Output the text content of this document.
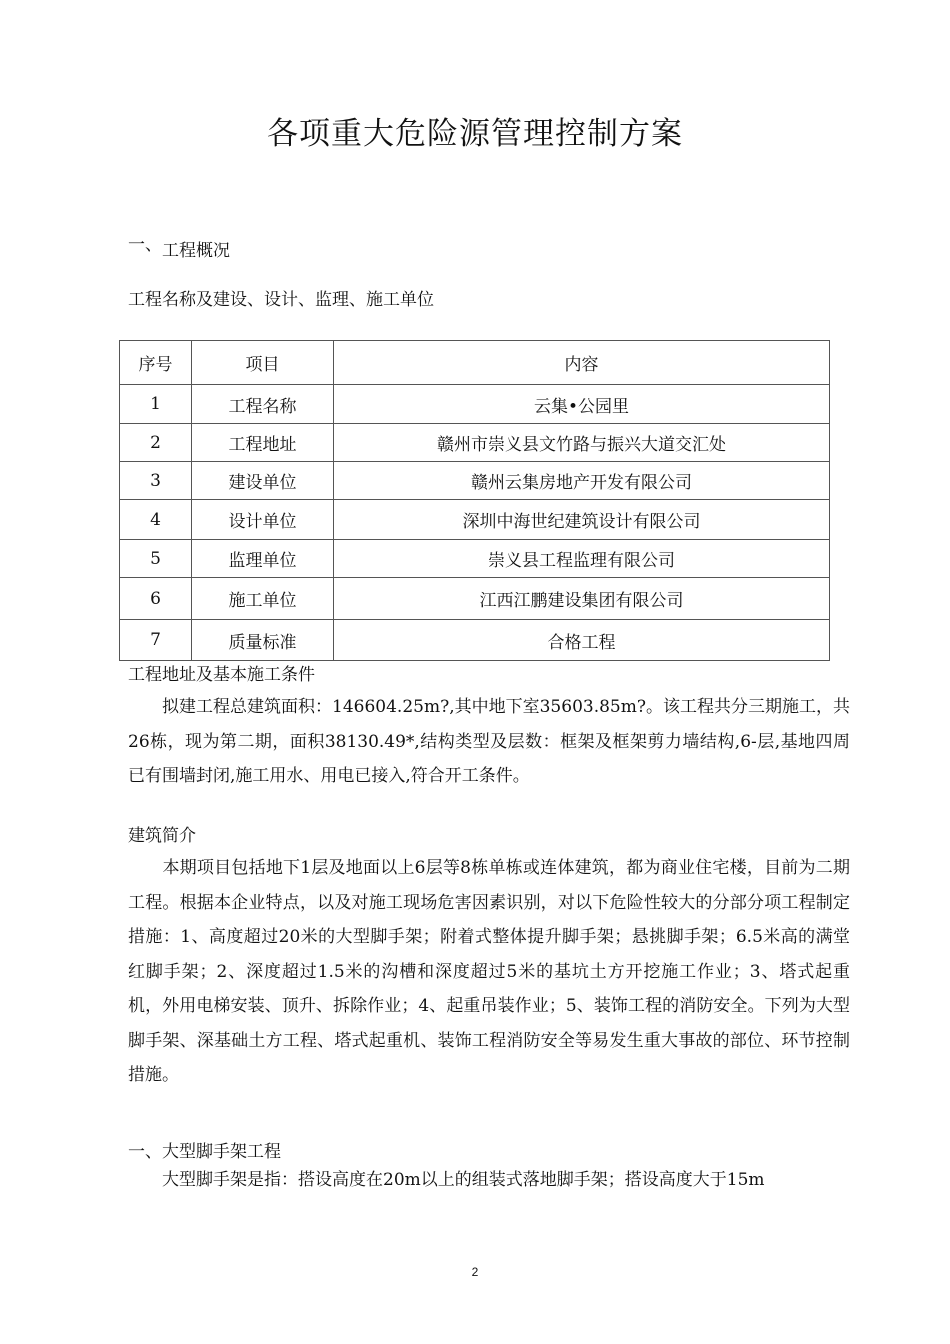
各项重大危险源管理控制方案
一、工程概况
工程名称及建设、设计、监理、施工单位
序号	项目	内容
1	工程名称	云集•公园里
2	工程地址	赣州市崇义县文竹路与振兴大道交汇处
3	建设单位	赣州云集房地产开发有限公司
4	设计单位	深圳中海世纪建筑设计有限公司
5	监理单位	崇义县工程监理有限公司
6	施工单位	江西江鹏建设集团有限公司
7	质量标准	合格工程
工程地址及基本施工条件

　　拟建工程总建筑面积：146604.25m?,其中地下室35603.85m?。该工程共分三期施工，共26栋，现为第二期，面积38130.49*,结构类型及层数：框架及框架剪力墙结构,6-层,基地四周已有围墙封闭,施工用水、用电已接入,符合开工条件。

建筑简介

　　本期项目包括地下1层及地面以上6层等8栋单栋或连体建筑，都为商业住宅楼，目前为二期工程。根据本企业特点，以及对施工现场危害因素识别，对以下危险性较大的分部分项工程制定措施：1、高度超过20米的大型脚手架；附着式整体提升脚手架；悬挑脚手架；6.5米高的满堂红脚手架；2、深度超过1.5米的沟槽和深度超过5米的基坑土方开挖施工作业；3、塔式起重机，外用电梯安装、顶升、拆除作业；4、起重吊装作业；5、装饰工程的消防安全。下列为大型脚手架、深基础土方工程、塔式起重机、装饰工程消防安全等易发生重大事故的部位、环节控制措施。

一、大型脚手架工程

　　大型脚手架是指：搭设高度在20m以上的组装式落地脚手架；搭设高度大于15m

2
